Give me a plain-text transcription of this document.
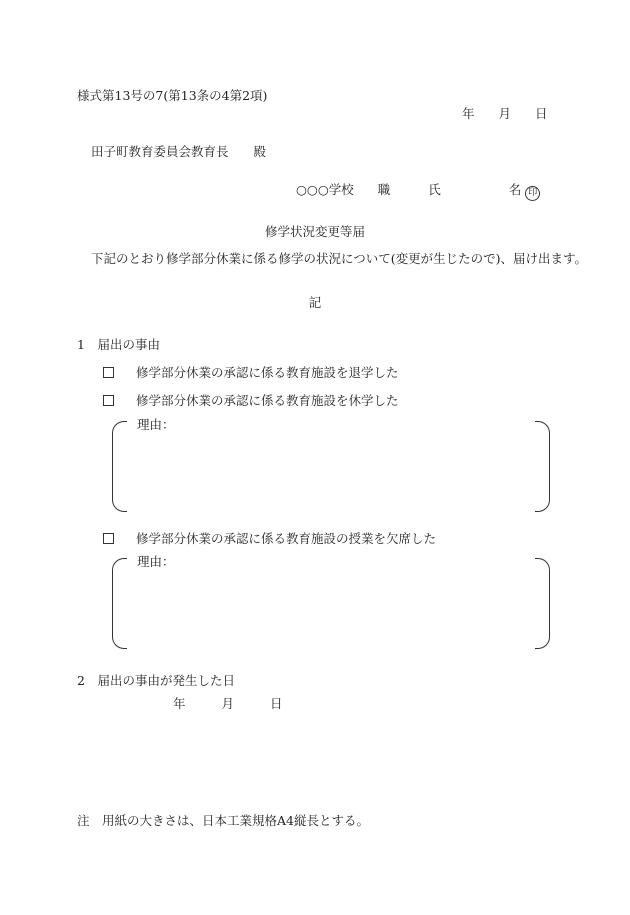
様式第13号の7(第13条の4第2項)
年 月 日
田子町教育委員会教育長　　殿
○○○学校 職	氏	名 印
修学状況変更等届
下記のとおり修学部分休業に係る修学の状況について(変更が生じたので)、届け出ます。
記
1　届出の事由
修学部分休業の承認に係る教育施設を退学した
修学部分休業の承認に係る教育施設を休学した
理由：
修学部分休業の承認に係る教育施設の授業を欠席した
理由：
2　届出の事由が発生した日
年	月	日
注　用紙の大きさは、日本工業規格A4縦長とする。
